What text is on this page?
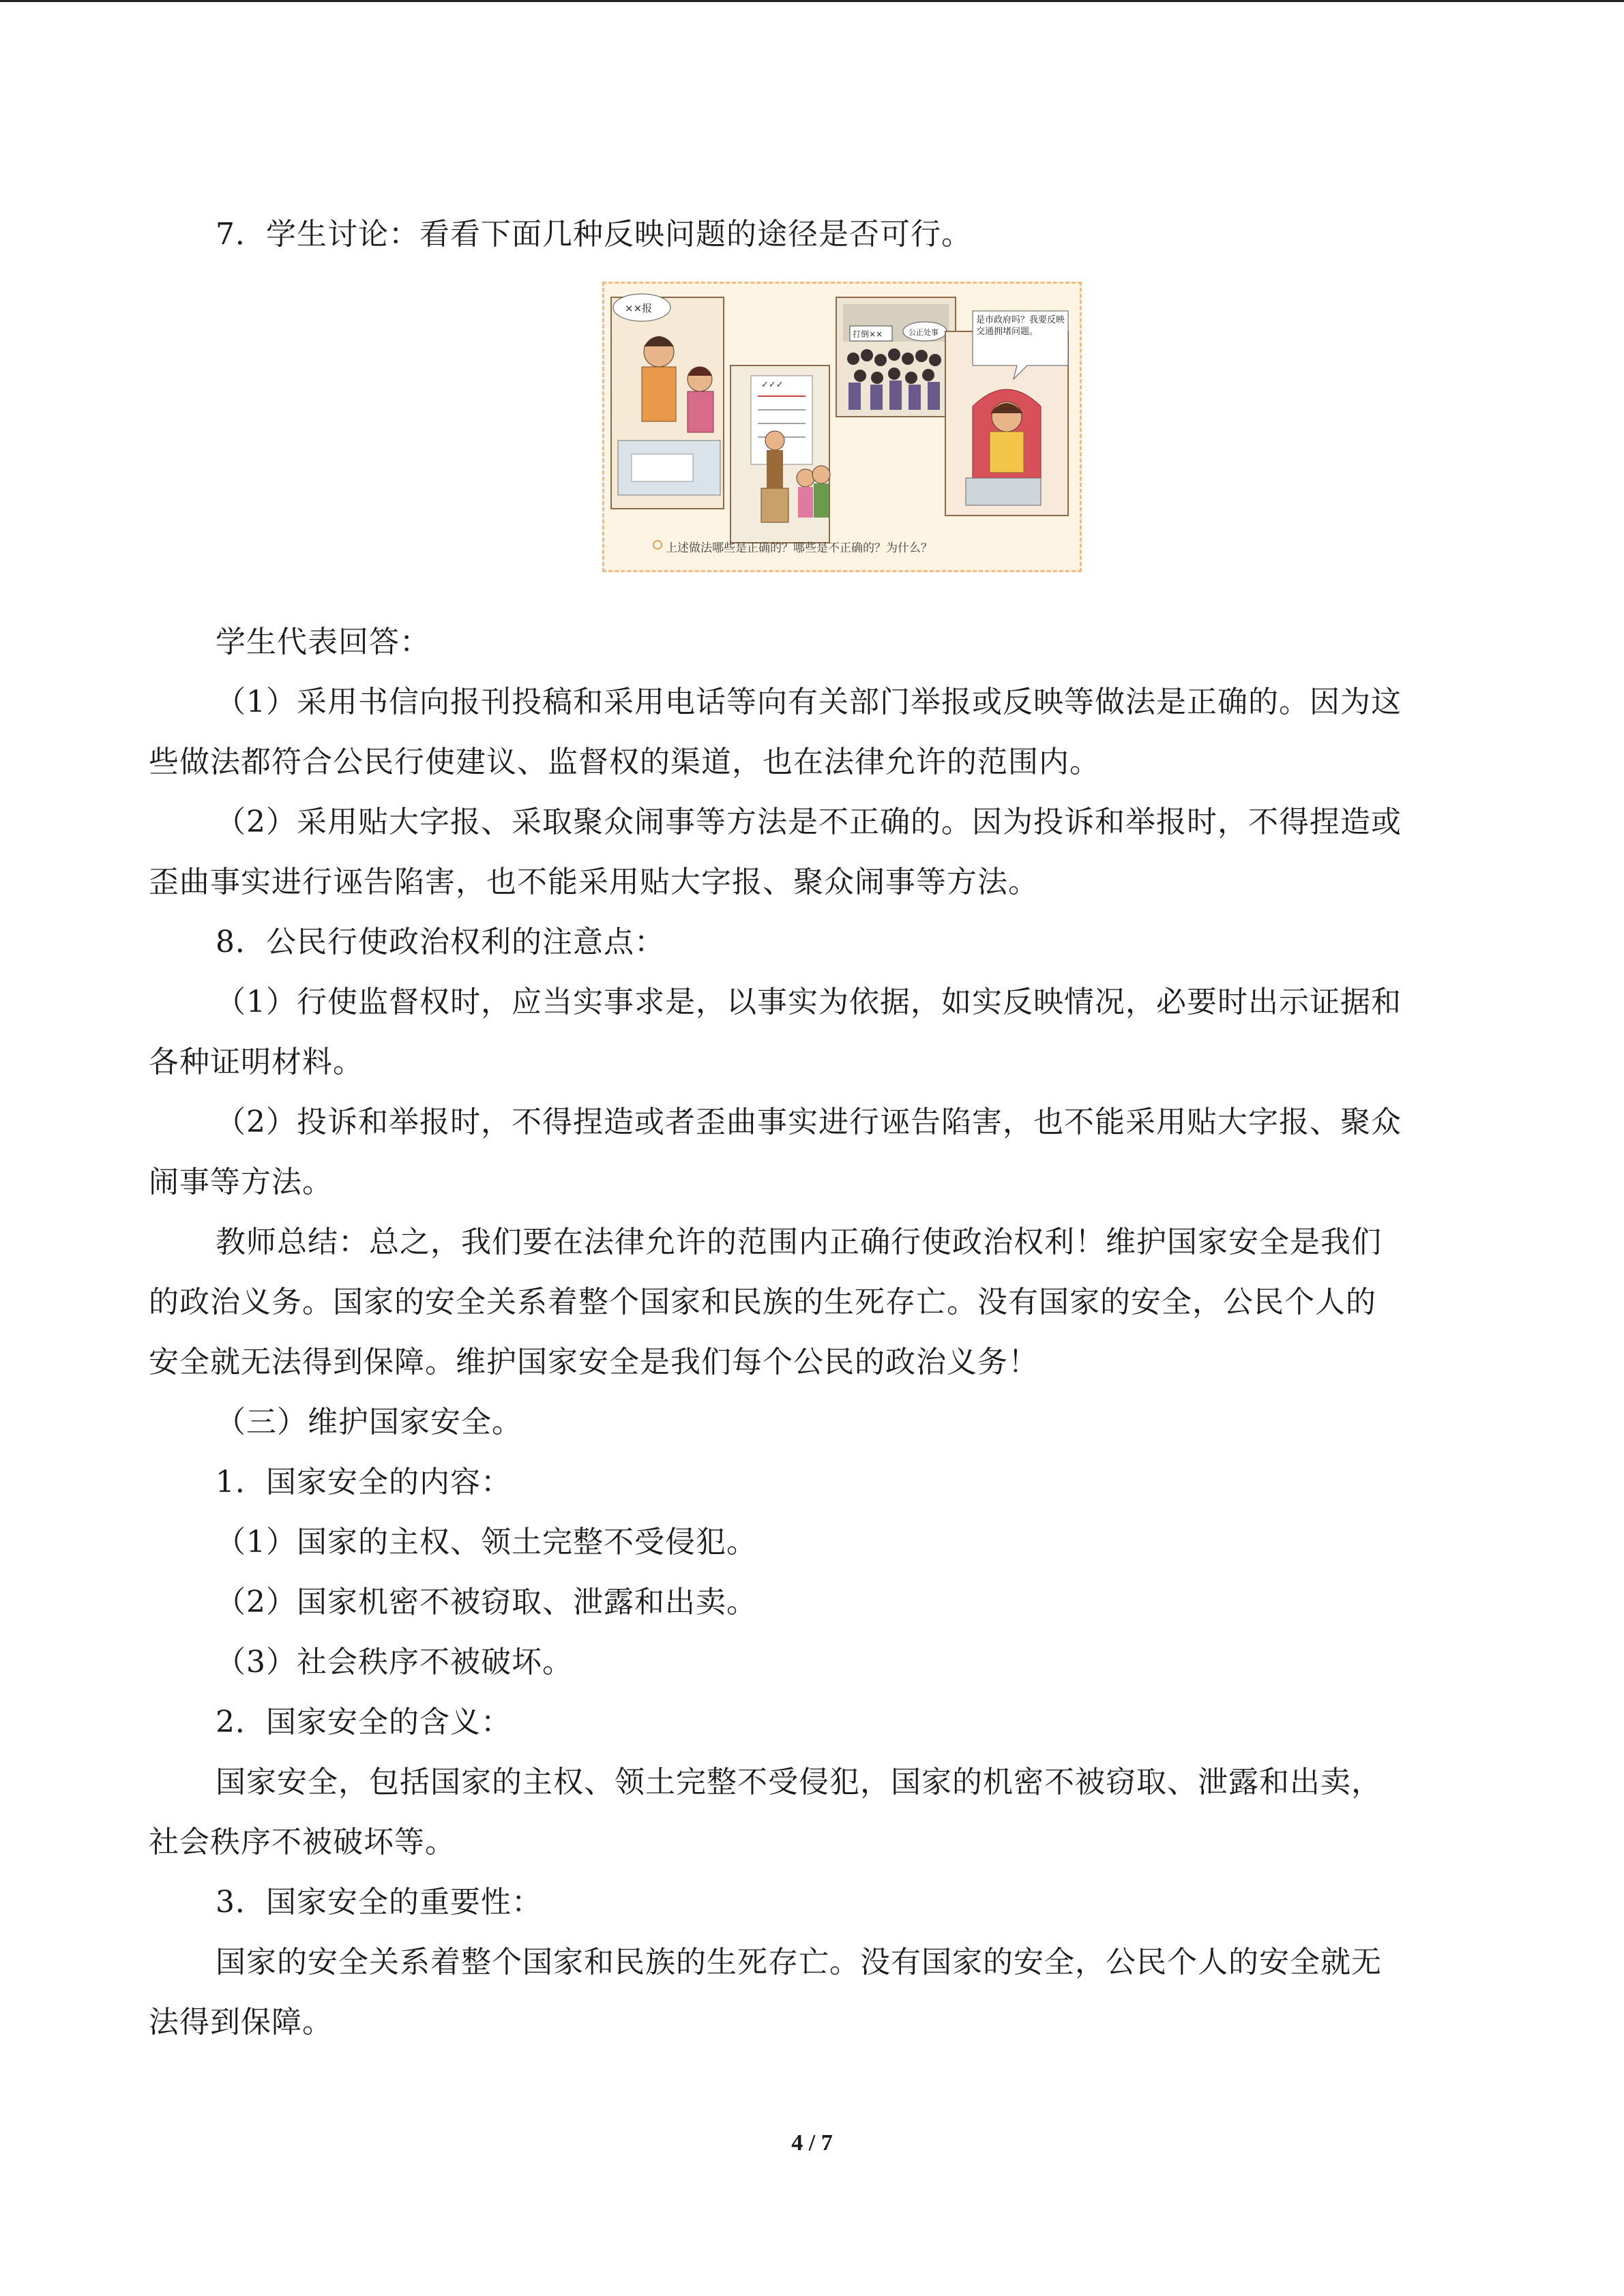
7．学生讨论：看看下面几种反映问题的途径是否可行。
××报
✓✓✓
打倒××	公正处事
是市政府吗？我要反映交通拥堵问题。
上述做法哪些是正确的？哪些是不正确的？为什么？
学生代表回答：
（1）采用书信向报刊投稿和采用电话等向有关部门举报或反映等做法是正确的。因为这
些做法都符合公民行使建议、监督权的渠道，也在法律允许的范围内。
（2）采用贴大字报、采取聚众闹事等方法是不正确的。因为投诉和举报时，不得捏造或
歪曲事实进行诬告陷害，也不能采用贴大字报、聚众闹事等方法。
8．公民行使政治权利的注意点：
（1）行使监督权时，应当实事求是，以事实为依据，如实反映情况，必要时出示证据和
各种证明材料。
（2）投诉和举报时，不得捏造或者歪曲事实进行诬告陷害，也不能采用贴大字报、聚众
闹事等方法。
教师总结：总之，我们要在法律允许的范围内正确行使政治权利！维护国家安全是我们
的政治义务。国家的安全关系着整个国家和民族的生死存亡。没有国家的安全，公民个人的
安全就无法得到保障。维护国家安全是我们每个公民的政治义务！
（三）维护国家安全。
1．国家安全的内容：
（1）国家的主权、领土完整不受侵犯。
（2）国家机密不被窃取、泄露和出卖。
（3）社会秩序不被破坏。
2．国家安全的含义：
国家安全，包括国家的主权、领土完整不受侵犯，国家的机密不被窃取、泄露和出卖，
社会秩序不被破坏等。
3．国家安全的重要性：
国家的安全关系着整个国家和民族的生死存亡。没有国家的安全，公民个人的安全就无
法得到保障。
4 / 7
